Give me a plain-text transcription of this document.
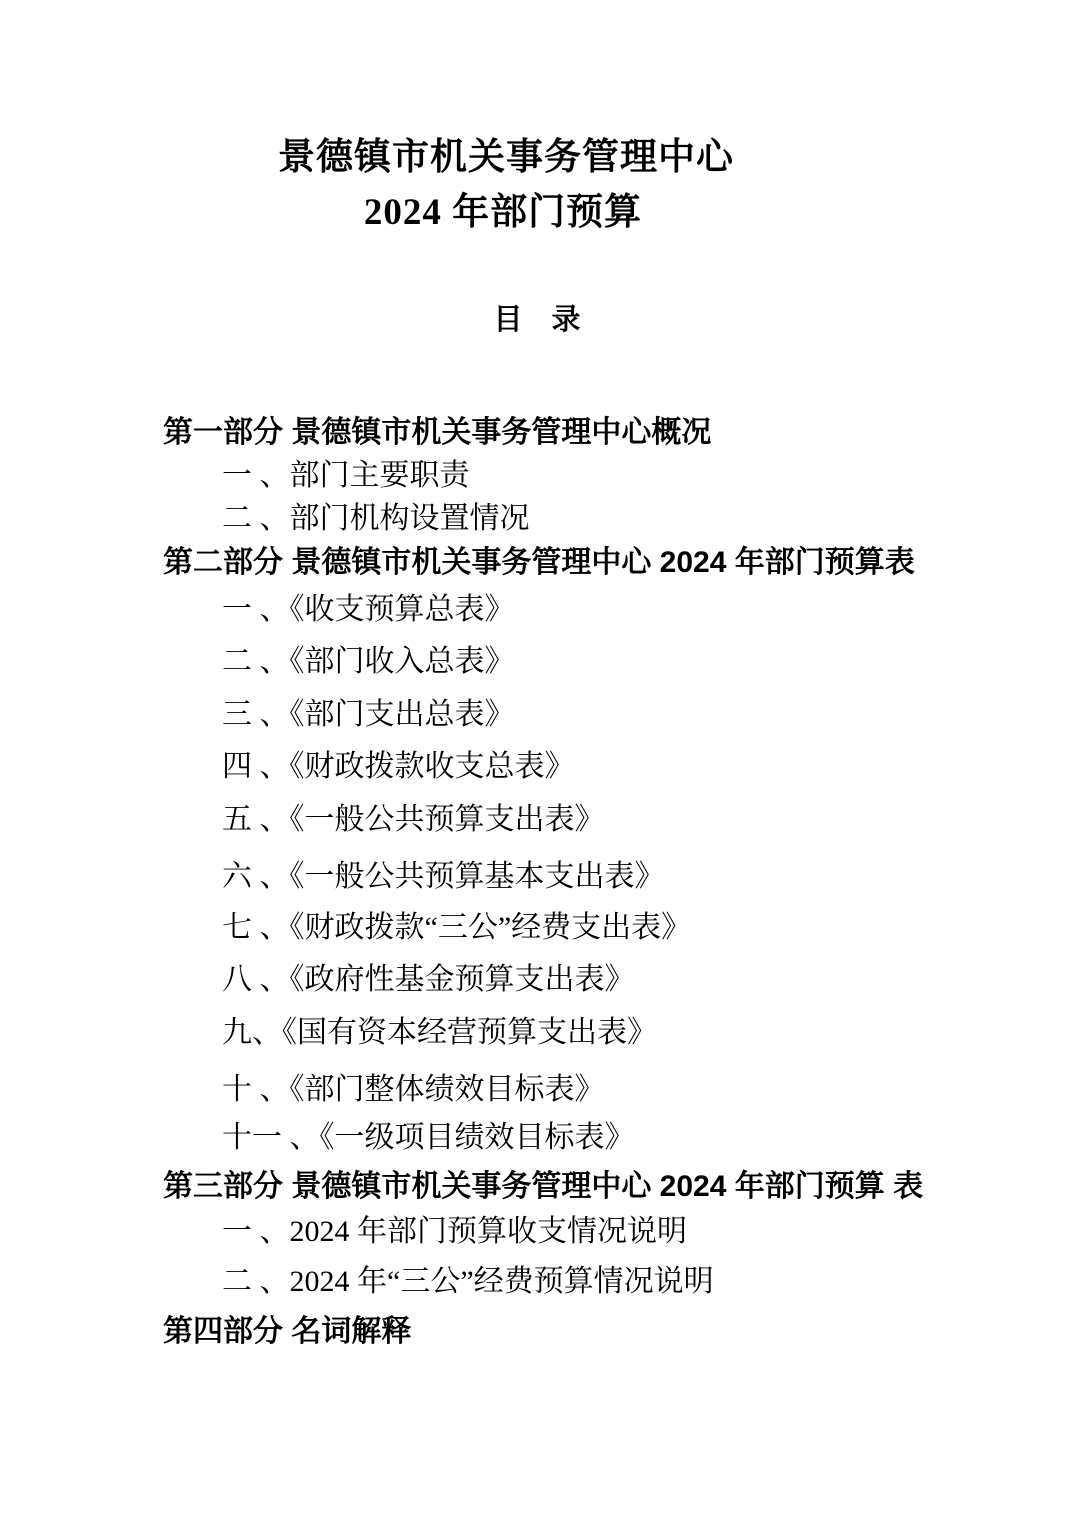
景德镇市机关事务管理中心
2024 年部门预算
目　录
第一部分 景德镇市机关事务管理中心概况
一 、部门主要职责
二 、部门机构设置情况
第二部分 景德镇市机关事务管理中心 2024 年部门预算表
一 、《收支预算总表》
二 、《部门收入总表》
三 、《部门支出总表》
四 、《财政拨款收支总表》
五 、《一般公共预算支出表》
六 、《一般公共预算基本支出表》
七 、《财政拨款“三公”经费支出表》
八 、《政府性基金预算支出表》
九、《国有资本经营预算支出表》
十 、《部门整体绩效目标表》
十一 、《一级项目绩效目标表》
第三部分 景德镇市机关事务管理中心 2024 年部门预算 表
一 、2024 年部门预算收支情况说明
二 、2024 年“三公”经费预算情况说明
第四部分 名词解释
